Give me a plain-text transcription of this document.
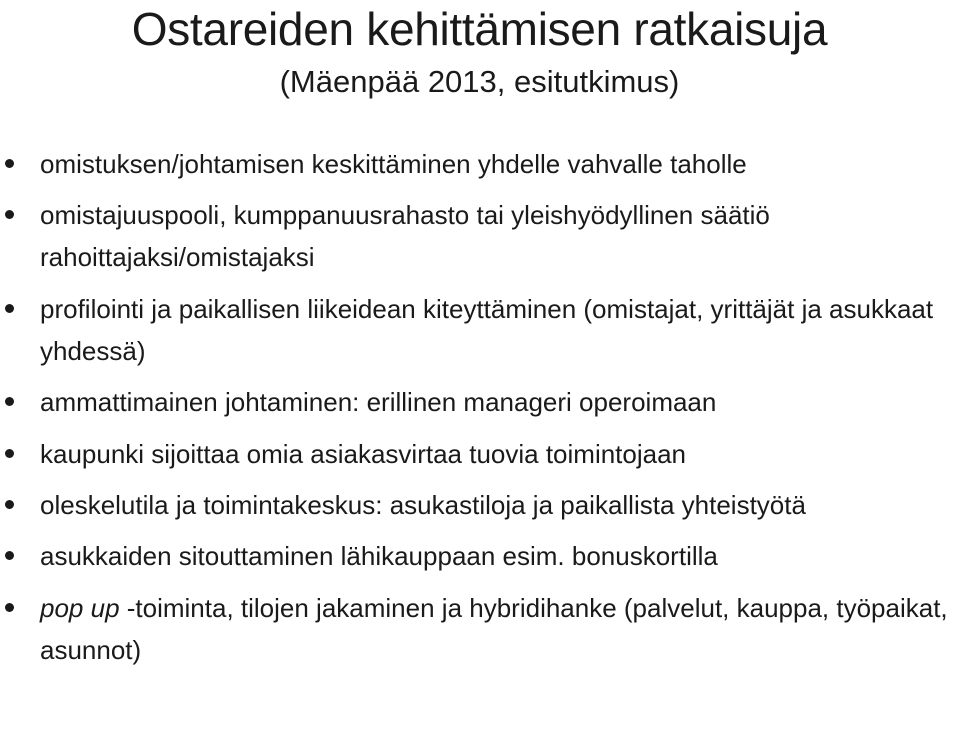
Ostareiden kehittämisen ratkaisuja
(Mäenpää 2013, esitutkimus)
omistuksen/johtamisen keskittäminen yhdelle vahvalle taholle
omistajuuspooli, kumppanuusrahasto tai yleishyödyllinen säätiö rahoittajaksi/omistajaksi
profilointi ja paikallisen liikeidean kiteyttäminen (omistajat, yrittäjät ja asukkaat yhdessä)
ammattimainen johtaminen: erillinen manageri operoimaan
kaupunki sijoittaa omia asiakasvirtaa tuovia toimintojaan
oleskelutila ja toimintakeskus: asukastiloja ja paikallista yhteistyötä
asukkaiden sitouttaminen lähikauppaan esim. bonuskortilla
pop up -toiminta, tilojen jakaminen ja hybridihanke (palvelut, kauppa, työpaikat, asunnot)
